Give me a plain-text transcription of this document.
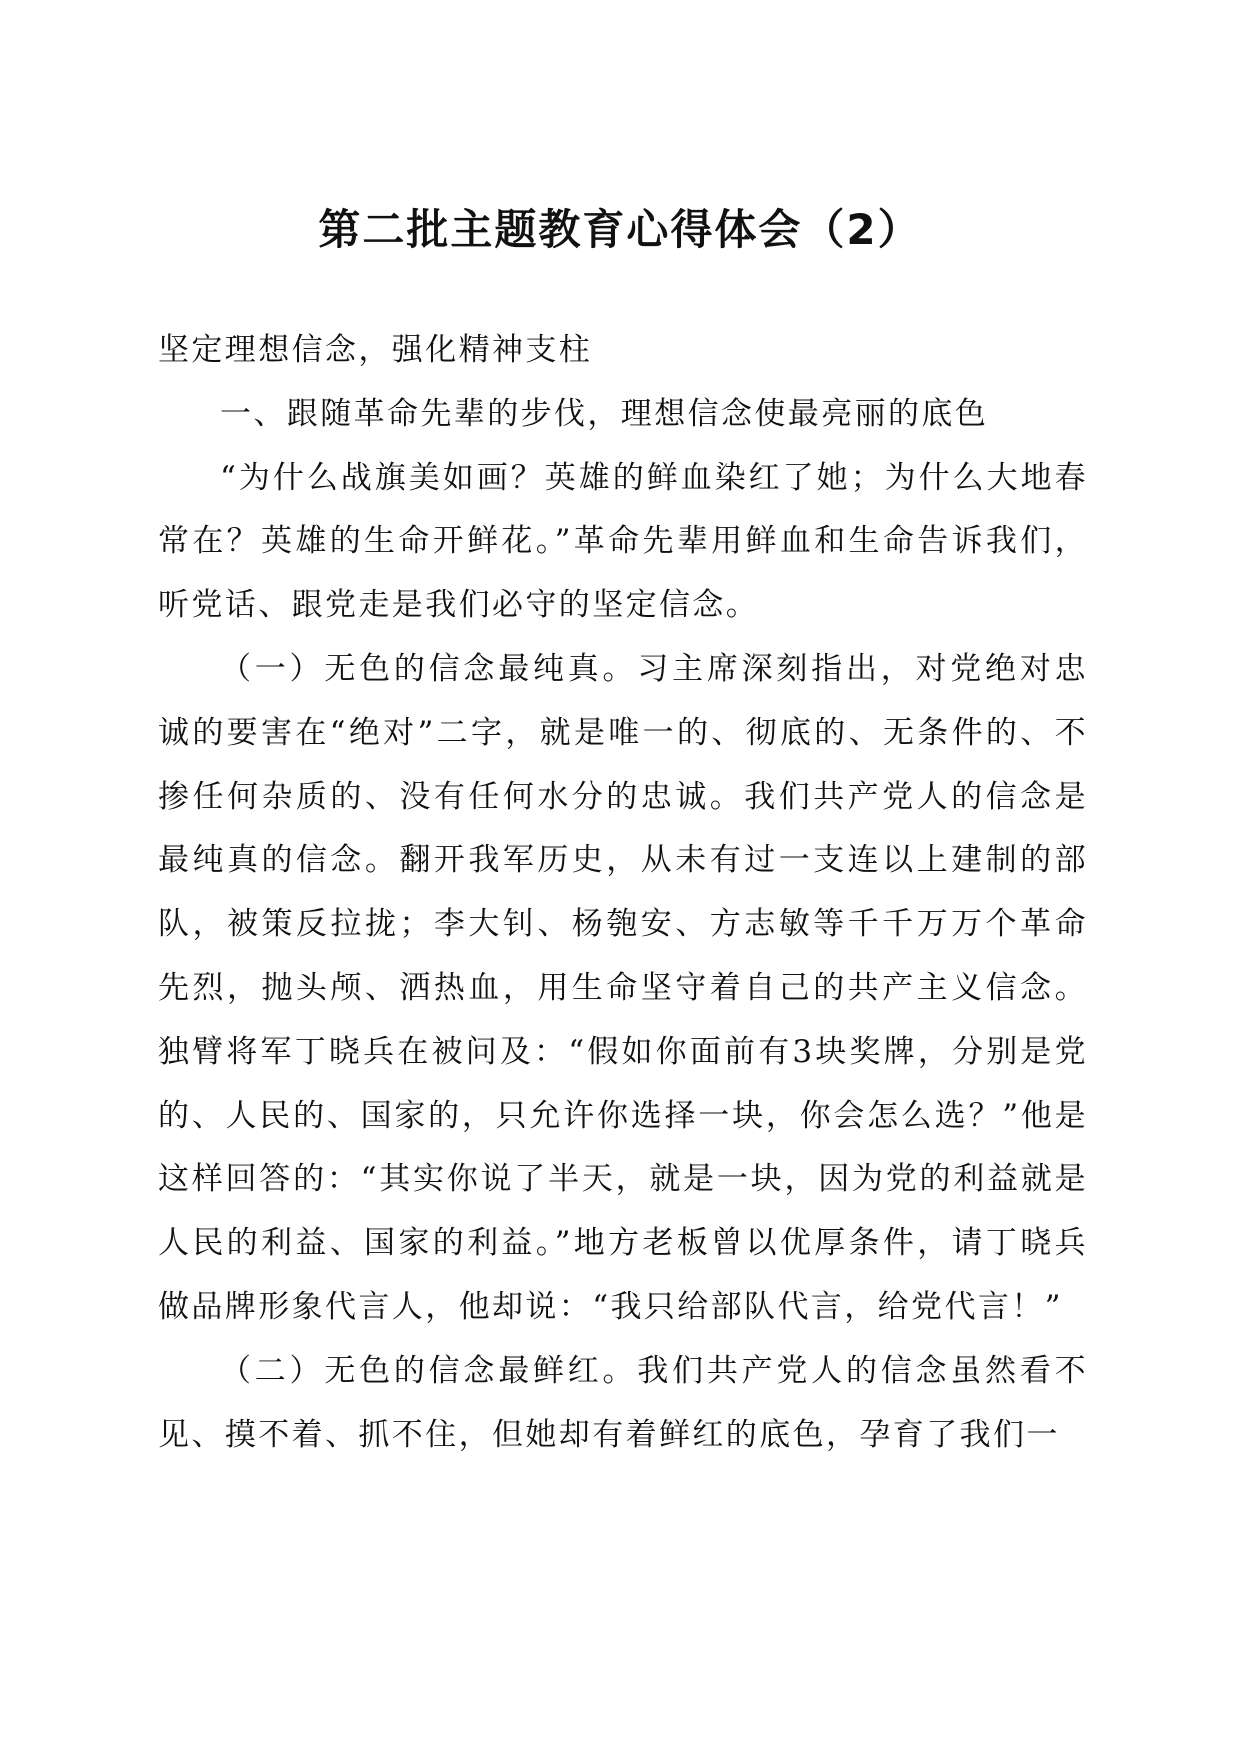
第二批主题教育心得体会（2）

坚定理想信念，强化精神支柱

一、跟随革命先辈的步伐，理想信念使最亮丽的底色

“为什么战旗美如画？英雄的鲜血染红了她；为什么大地春常在？英雄的生命开鲜花。”革命先辈用鲜血和生命告诉我们，听党话、跟党走是我们必守的坚定信念。

（一）无色的信念最纯真。习主席深刻指出，对党绝对忠诚的要害在“绝对”二字，就是唯一的、彻底的、无条件的、不掺任何杂质的、没有任何水分的忠诚。我们共产党人的信念是最纯真的信念。翻开我军历史，从未有过一支连以上建制的部队，被策反拉拢；李大钊、杨匏安、方志敏等千千万万个革命先烈，抛头颅、洒热血，用生命坚守着自己的共产主义信念。独臂将军丁晓兵在被问及：“假如你面前有3块奖牌，分别是党的、人民的、国家的，只允许你选择一块，你会怎么选？”他是这样回答的：“其实你说了半天，就是一块，因为党的利益就是人民的利益、国家的利益。”地方老板曾以优厚条件，请丁晓兵做品牌形象代言人，他却说：“我只给部队代言，给党代言！”

（二）无色的信念最鲜红。我们共产党人的信念虽然看不见、摸不着、抓不住，但她却有着鲜红的底色，孕育了我们一
